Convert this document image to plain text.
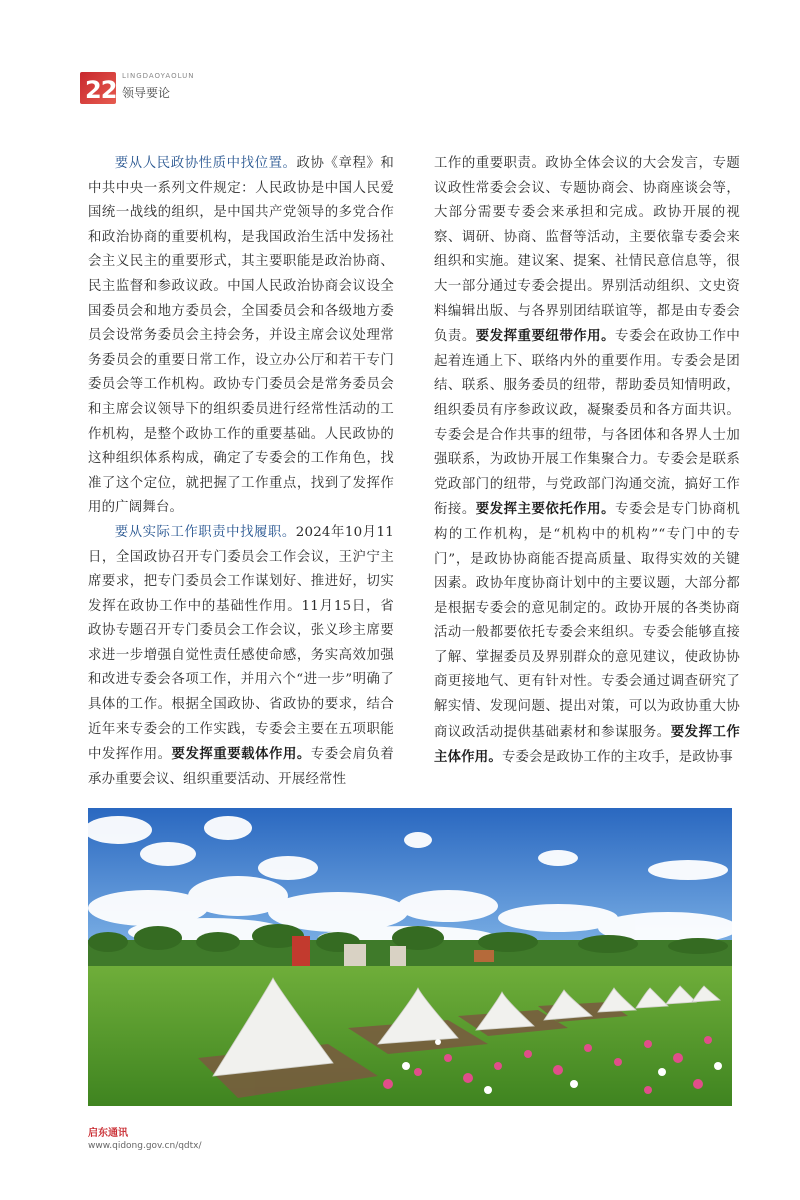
22 LINGDAOYAOLUN
领导要论

要从人民政协性质中找位置。政协《章程》和中共中央一系列文件规定：人民政协是中国人民爱国统一战线的组织，是中国共产党领导的多党合作和政治协商的重要机构，是我国政治生活中发扬社会主义民主的重要形式，其主要职能是政治协商、民主监督和参政议政。中国人民政治协商会议设全国委员会和地方委员会，全国委员会和各级地方委员会设常务委员会主持会务，并设主席会议处理常务委员会的重要日常工作，设立办公厅和若干专门委员会等工作机构。政协专门委员会是常务委员会和主席会议领导下的组织委员进行经常性活动的工作机构，是整个政协工作的重要基础。人民政协的这种组织体系构成，确定了专委会的工作角色，找准了这个定位，就把握了工作重点，找到了发挥作用的广阔舞台。

要从实际工作职责中找履职。2024年10月11日，全国政协召开专门委员会工作会议，王沪宁主席要求，把专门委员会工作谋划好、推进好，切实发挥在政协工作中的基础性作用。11月15日，省政协专题召开专门委员会工作会议，张义珍主席要求进一步增强自觉性责任感使命感，务实高效加强和改进专委会各项工作，并用六个“进一步”明确了具体的工作。根据全国政协、省政协的要求，结合近年来专委会的工作实践，专委会主要在五项职能中发挥作用。要发挥重要载体作用。专委会肩负着承办重要会议、组织重要活动、开展经常性

工作的重要职责。政协全体会议的大会发言，专题议政性常委会会议、专题协商会、协商座谈会等，大部分需要专委会来承担和完成。政协开展的视察、调研、协商、监督等活动，主要依靠专委会来组织和实施。建议案、提案、社情民意信息等，很大一部分通过专委会提出。界别活动组织、文史资料编辑出版、与各界别团结联谊等，都是由专委会负责。要发挥重要纽带作用。专委会在政协工作中起着连通上下、联络内外的重要作用。专委会是团结、联系、服务委员的纽带，帮助委员知情明政，组织委员有序参政议政，凝聚委员和各方面共识。专委会是合作共事的纽带，与各团体和各界人士加强联系，为政协开展工作集聚合力。专委会是联系党政部门的纽带，与党政部门沟通交流，搞好工作衔接。要发挥主要依托作用。专委会是专门协商机构的工作机构，是“机构中的机构”“专门中的专门”，是政协协商能否提高质量、取得实效的关键因素。政协年度协商计划中的主要议题，大部分都是根据专委会的意见制定的。政协开展的各类协商活动一般都要依托专委会来组织。专委会能够直接了解、掌握委员及界别群众的意见建议，使政协协商更接地气、更有针对性。专委会通过调查研究了解实情、发现问题、提出对策，可以为政协重大协商议政活动提供基础素材和参谋服务。要发挥工作主体作用。专委会是政协工作的主攻手，是政协事

启东通讯
www.qidong.gov.cn/qdtx/
